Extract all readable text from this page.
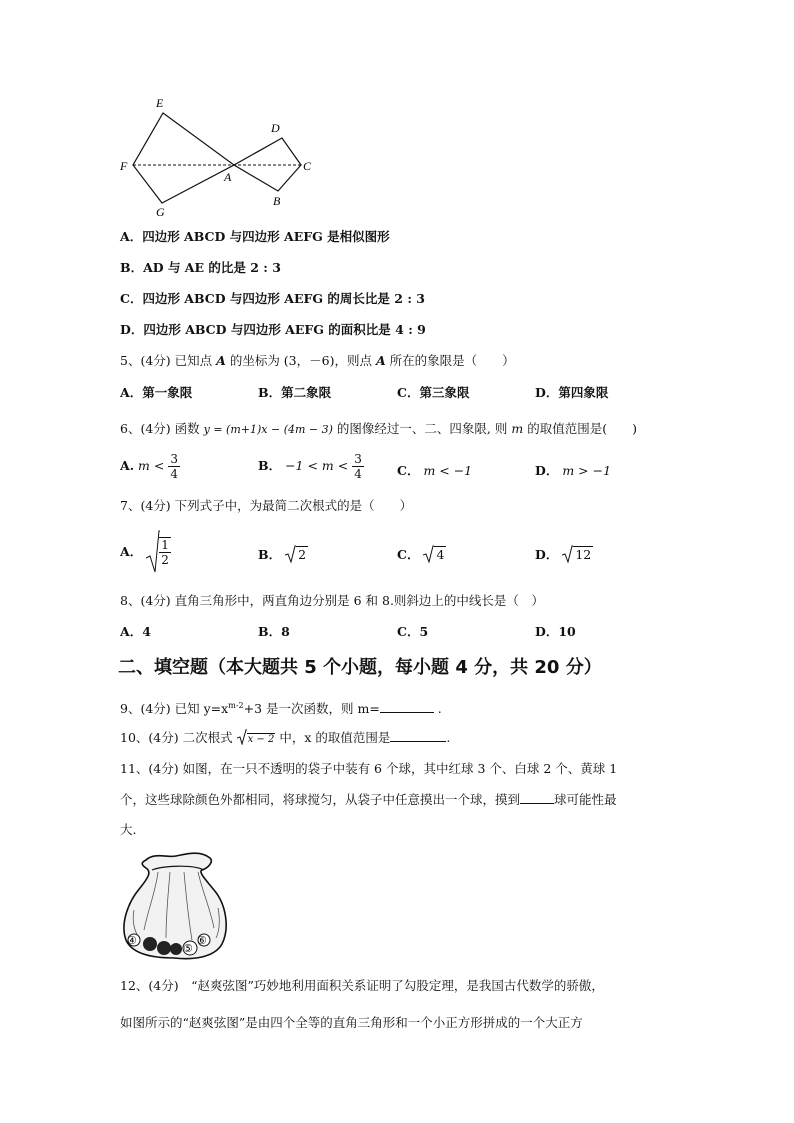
E
D
F
A
C
G
B
A．四边形 ABCD 与四边形 AEFG 是相似图形
B．AD 与 AE 的比是 2 : 3
C．四边形 ABCD 与四边形 AEFG 的周长比是 2 : 3
D．四边形 ABCD 与四边形 AEFG 的面积比是 4 : 9
5、(4分) 已知点 A 的坐标为 (3，－6)，则点 A 所在的象限是（　　）
A．第一象限	B．第二象限	C．第三象限	D．第四象限
6、(4分) 函数 y = (m+1)x − (4m − 3) 的图像经过一、二、四象限, 则 m 的取值范围是(　　)
A. $m < \frac{3}{4}$	B． $-1 < m < \frac{3}{4}$	C． m < −1	D． m > −1
7、(4分) 下列式子中，为最简二次根式的是（　　）
A． $\frac{1}{2}$	B． 2	C． 4	D． 12
8、(4分) 直角三角形中，两直角边分别是 6 和 8.则斜边上的中线长是（　）
A．4	B．8	C．5	D．10
二、填空题（本大题共 5 个小题，每小题 4 分，共 20 分）
9、(4分) 已知 $y=x^{m-2}+3$ 是一次函数，则 m=	.
10、(4分) 二次根式 x − 2 中，x 的取值范围是	.
11、(4分) 如图，在一只不透明的袋子中装有 6 个球，其中红球 3 个、白球 2 个、黄球 1
个，这些球除颜色外都相同，将球搅匀，从袋子中任意摸出一个球，摸到	球可能性最
大.
④
⑤
⑥
12、(4分)　“赵爽弦图”巧妙地利用面积关系证明了勾股定理，是我国古代数学的骄傲，
如图所示的“赵爽弦图”是由四个全等的直角三角形和一个小正方形拼成的一个大正方
